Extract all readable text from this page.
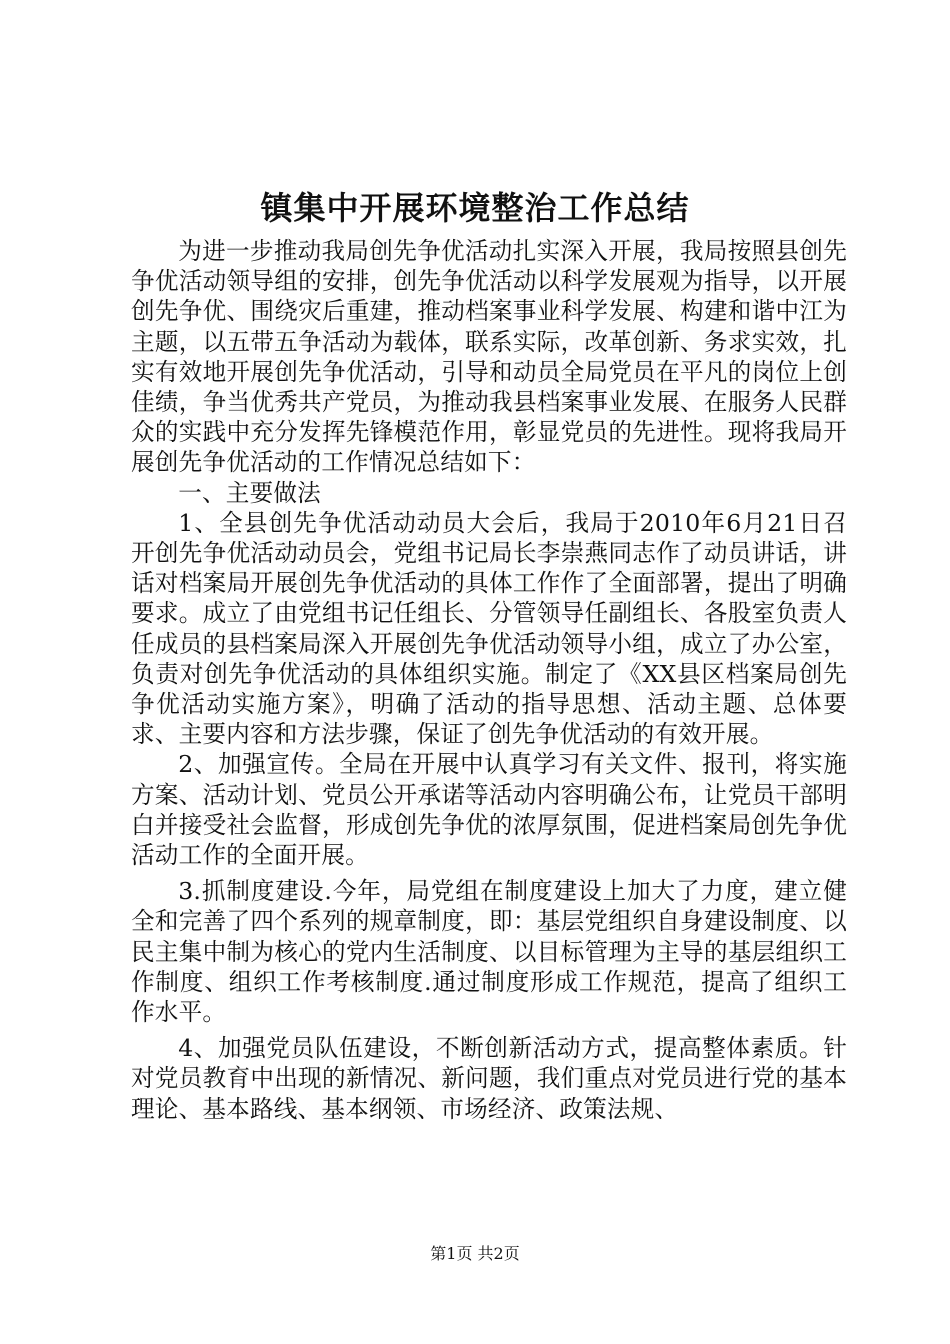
镇集中开展环境整治工作总结

为进一步推动我局创先争优活动扎实深入开展，我局按照县创先争优活动领导组的安排，创先争优活动以科学发展观为指导，以开展创先争优、围绕灾后重建，推动档案事业科学发展、构建和谐中江为主题，以五带五争活动为载体，联系实际，改革创新、务求实效，扎实有效地开展创先争优活动，引导和动员全局党员在平凡的岗位上创佳绩，争当优秀共产党员，为推动我县档案事业发展、在服务人民群众的实践中充分发挥先锋模范作用，彰显党员的先进性。现将我局开展创先争优活动的工作情况总结如下：

一、主要做法

1、全县创先争优活动动员大会后，我局于2010年6月21日召开创先争优活动动员会，党组书记局长李崇燕同志作了动员讲话，讲话对档案局开展创先争优活动的具体工作作了全面部署，提出了明确要求。成立了由党组书记任组长、分管领导任副组长、各股室负责人任成员的县档案局深入开展创先争优活动领导小组，成立了办公室，负责对创先争优活动的具体组织实施。制定了《XX县区档案局创先争优活动实施方案》，明确了活动的指导思想、活动主题、总体要求、主要内容和方法步骤，保证了创先争优活动的有效开展。

2、加强宣传。全局在开展中认真学习有关文件、报刊，将实施方案、活动计划、党员公开承诺等活动内容明确公布，让党员干部明白并接受社会监督，形成创先争优的浓厚氛围，促进档案局创先争优活动工作的全面开展。

3.抓制度建设.今年，局党组在制度建设上加大了力度，建立健全和完善了四个系列的规章制度，即：基层党组织自身建设制度、以民主集中制为核心的党内生活制度、以目标管理为主导的基层组织工作制度、组织工作考核制度.通过制度形成工作规范，提高了组织工作水平。

4、加强党员队伍建设，不断创新活动方式，提高整体素质。针对党员教育中出现的新情况、新问题，我们重点对党员进行党的基本理论、基本路线、基本纲领、市场经济、政策法规、

第1页 共2页
